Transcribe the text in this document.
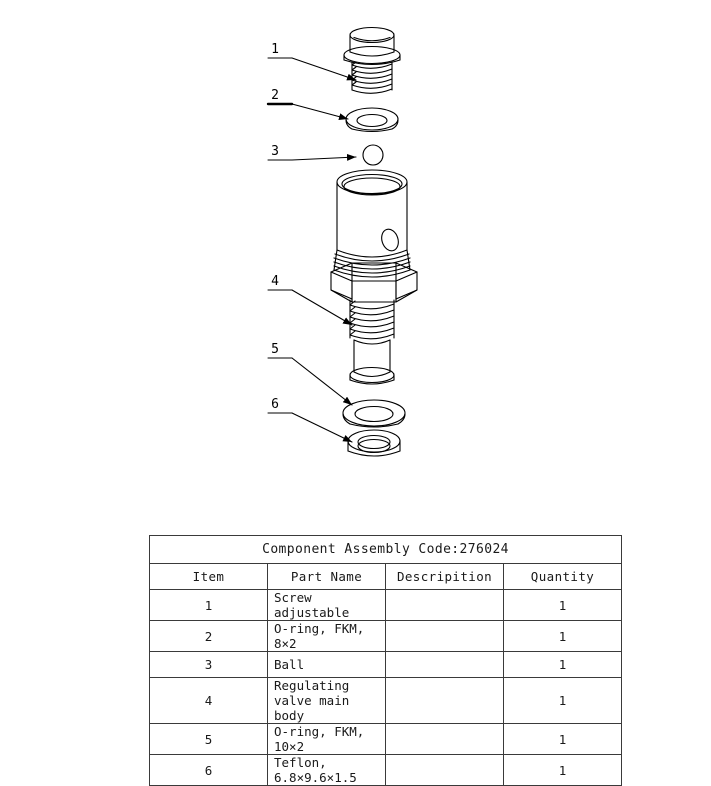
1
2
3
4
5
6
Component Assembly Code:276024			
Item	Part Name	Descripition	Quantity
1	Screw adjustable		1
2	O-ring, FKM, 8×2		1
3	Ball		1
4	Regulating valve main body		1
5	O-ring, FKM, 10×2		1
6	Teflon, 6.8×9.6×1.5		1
